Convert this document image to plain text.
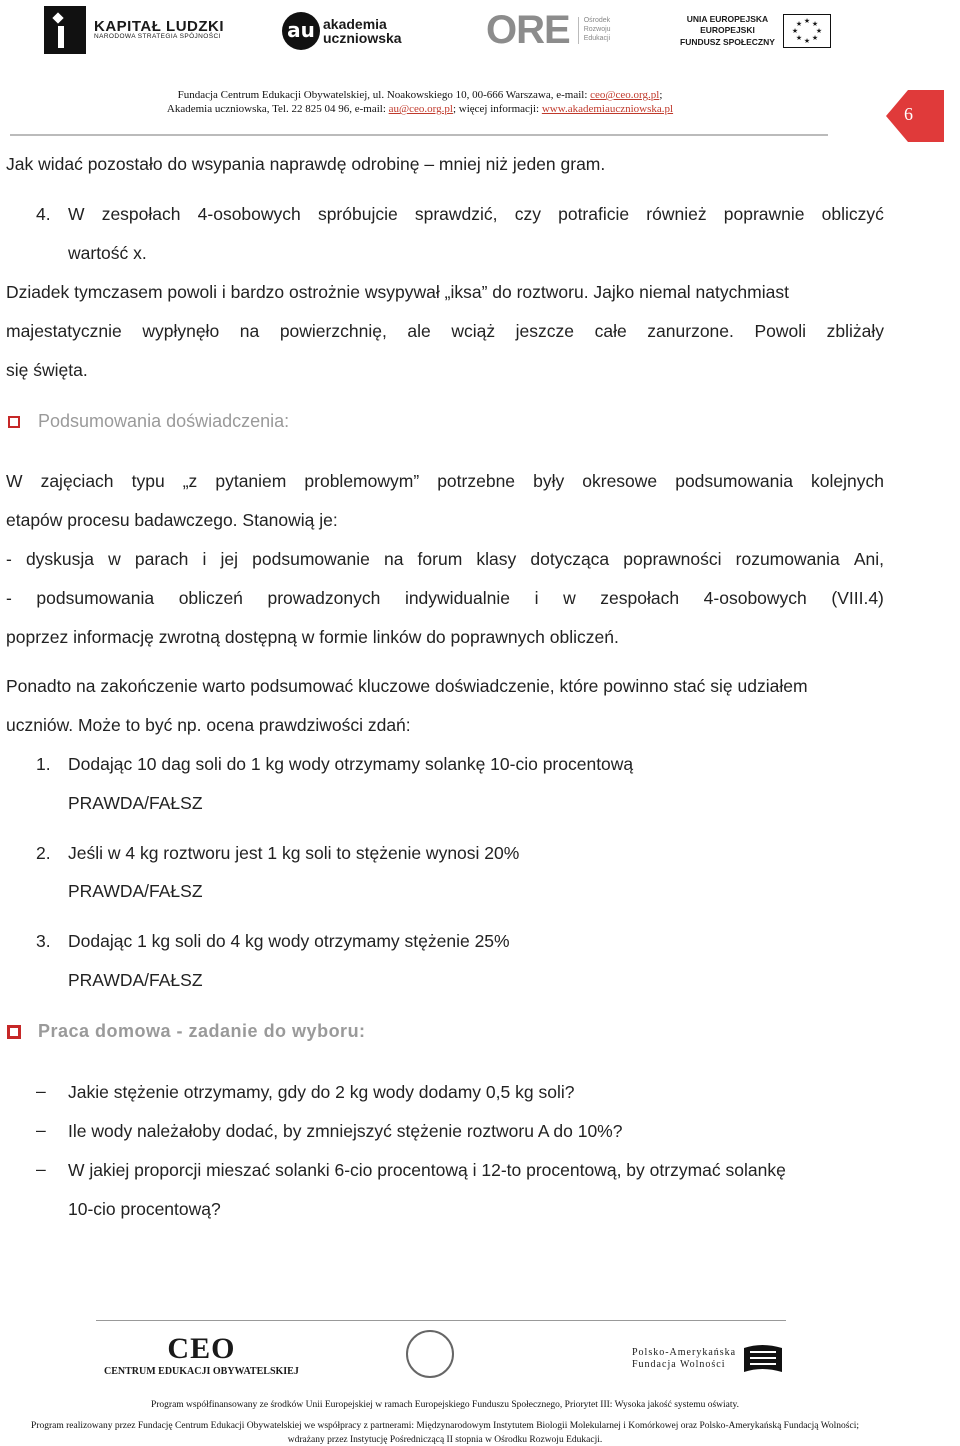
KAPITAŁ LUDZKI
NARODOWA STRATEGIA SPÓJNOŚCI	au akademia
uczniowska ORE Ośrodek
Rozwoju
Edukacji
UNIA EUROPEJSKA
EUROPEJSKI
FUNDUSZ SPOŁECZNY
★ ★
★
★
★
★
★
★
Fundacja Centrum Edukacji Obywatelskiej, ul. Noakowskiego 10, 00-666 Warszawa, e-mail: ceo@ceo.org.pl;
Akademia uczniowska, Tel. 22 825 04 96, e-mail: au@ceo.org.pl; więcej informacji: www.akademiauczniowska.pl	6
Jak widać pozostało do wsypania naprawdę odrobinę – mniej niż jeden gram.
4. W zespołach 4-osobowych spróbujcie sprawdzić, czy potraficie również poprawnie obliczyć
wartość x.
Dziadek tymczasem powoli i bardzo ostrożnie wsypywał „iksa” do roztworu. Jajko niemal natychmiast
majestatycznie wypłynęło na powierzchnię, ale wciąż jeszcze całe zanurzone. Powoli zbliżały
się święta.
Podsumowania doświadczenia:
W zajęciach typu „z pytaniem problemowym” potrzebne były okresowe podsumowania kolejnych
etapów procesu badawczego. Stanowią je:
- dyskusja w parach i jej podsumowanie na forum klasy dotycząca poprawności rozumowania Ani,
- podsumowania obliczeń prowadzonych indywidualnie i w zespołach 4-osobowych (VIII.4)
poprzez informację zwrotną dostępną w formie linków do poprawnych obliczeń.
Ponadto na zakończenie warto podsumować kluczowe doświadczenie, które powinno stać się udziałem
uczniów. Może to być np. ocena prawdziwości zdań:
1. Dodając 10 dag soli do 1 kg wody otrzymamy solankę 10-cio procentową
PRAWDA/FAŁSZ
2. Jeśli w 4 kg roztworu jest 1 kg soli to stężenie wynosi 20%
PRAWDA/FAŁSZ
3. Dodając 1 kg soli do 4 kg wody otrzymamy stężenie 25%
PRAWDA/FAŁSZ
Praca domowa - zadanie do wyboru:
– Jakie stężenie otrzymamy, gdy do 2 kg wody dodamy 0,5 kg soli?
– Ile wody należałoby dodać, by zmniejszyć stężenie roztworu A do 10%?
– W jakiej proporcji mieszać solanki 6-cio procentową i 12-to procentową, by otrzymać solankę
10-cio procentową?
CEO
CENTRUM EDUKACJI OBYWATELSKIEJ
Polsko-Amerykańska
Fundacja Wolności
Program współfinansowany ze środków Unii Europejskiej w ramach Europejskiego Funduszu Społecznego, Priorytet III: Wysoka jakość systemu oświaty.
Program realizowany przez Fundację Centrum Edukacji Obywatelskiej we współpracy z partnerami: Międzynarodowym Instytutem Biologii Molekularnej i Komórkowej oraz Polsko-Amerykańską Fundacją Wolności;
wdrażany przez Instytucję Pośredniczącą II stopnia w Ośrodku Rozwoju Edukacji.
